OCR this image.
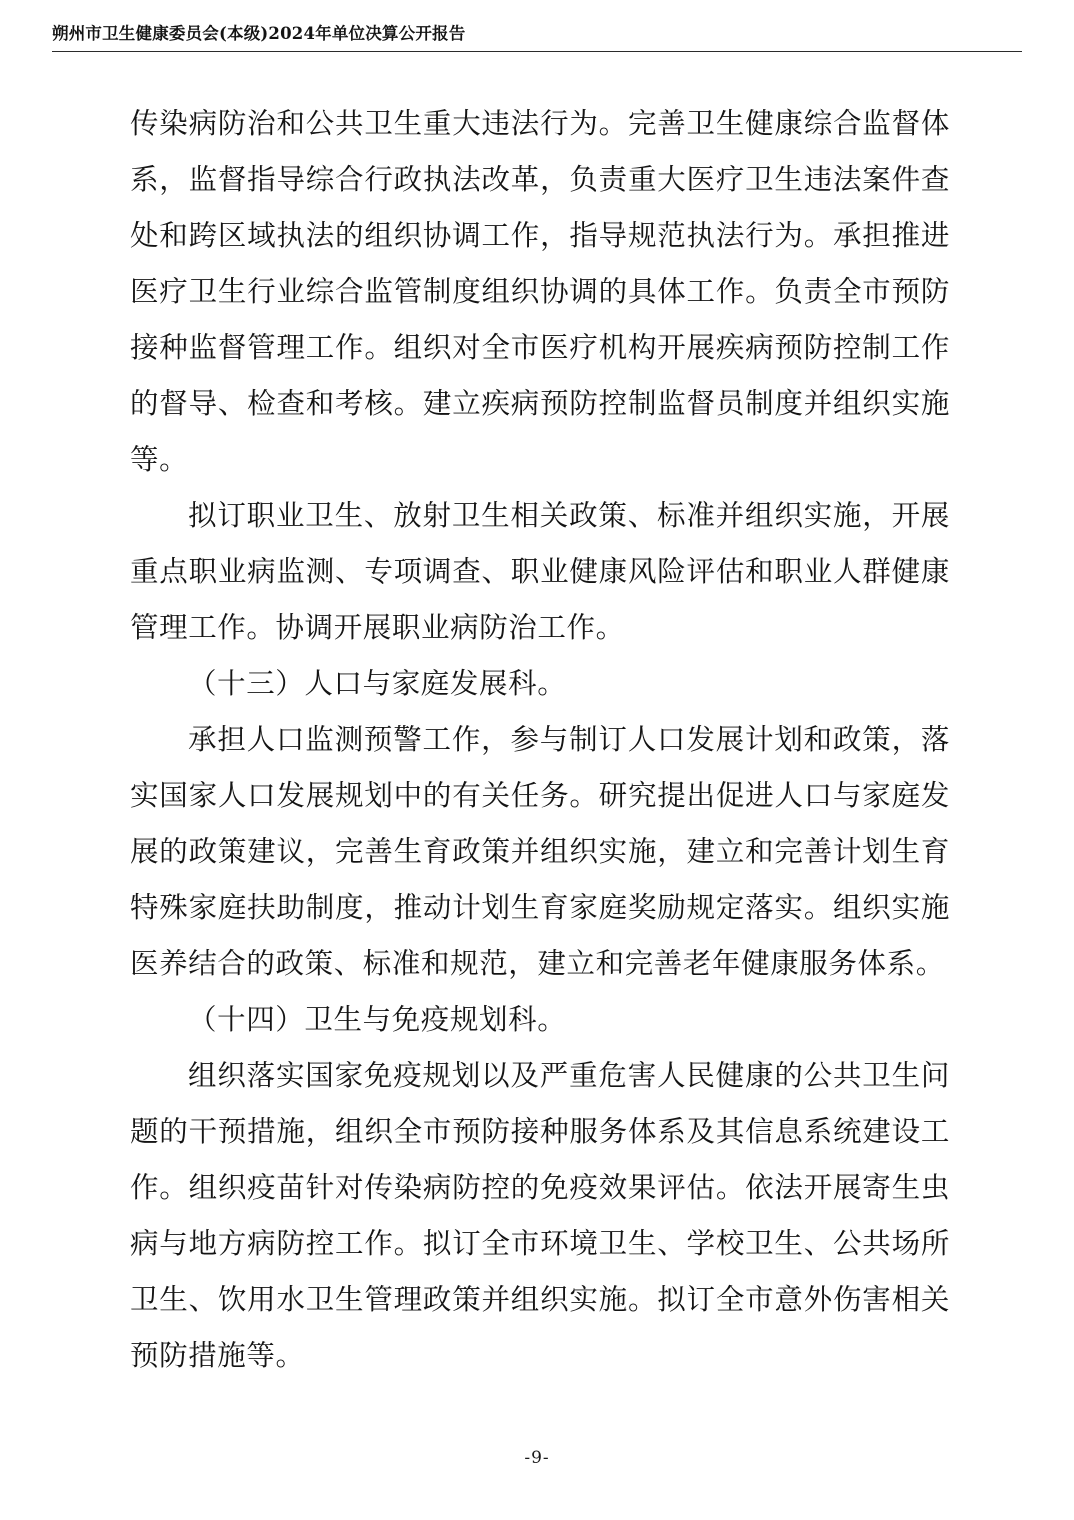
朔州市卫生健康委员会(本级)2024年单位决算公开报告

传染病防治和公共卫生重大违法行为。完善卫生健康综合监督体系，监督指导综合行政执法改革，负责重大医疗卫生违法案件查处和跨区域执法的组织协调工作，指导规范执法行为。承担推进医疗卫生行业综合监管制度组织协调的具体工作。负责全市预防接种监督管理工作。组织对全市医疗机构开展疾病预防控制工作的督导、检查和考核。建立疾病预防控制监督员制度并组织实施等。

拟订职业卫生、放射卫生相关政策、标准并组织实施，开展重点职业病监测、专项调查、职业健康风险评估和职业人群健康管理工作。协调开展职业病防治工作。

（十三）人口与家庭发展科。

承担人口监测预警工作，参与制订人口发展计划和政策，落实国家人口发展规划中的有关任务。研究提出促进人口与家庭发展的政策建议，完善生育政策并组织实施，建立和完善计划生育特殊家庭扶助制度，推动计划生育家庭奖励规定落实。组织实施医养结合的政策、标准和规范，建立和完善老年健康服务体系。

（十四）卫生与免疫规划科。

组织落实国家免疫规划以及严重危害人民健康的公共卫生问题的干预措施，组织全市预防接种服务体系及其信息系统建设工作。组织疫苗针对传染病防控的免疫效果评估。依法开展寄生虫病与地方病防控工作。拟订全市环境卫生、学校卫生、公共场所卫生、饮用水卫生管理政策并组织实施。拟订全市意外伤害相关预防措施等。

-9-
